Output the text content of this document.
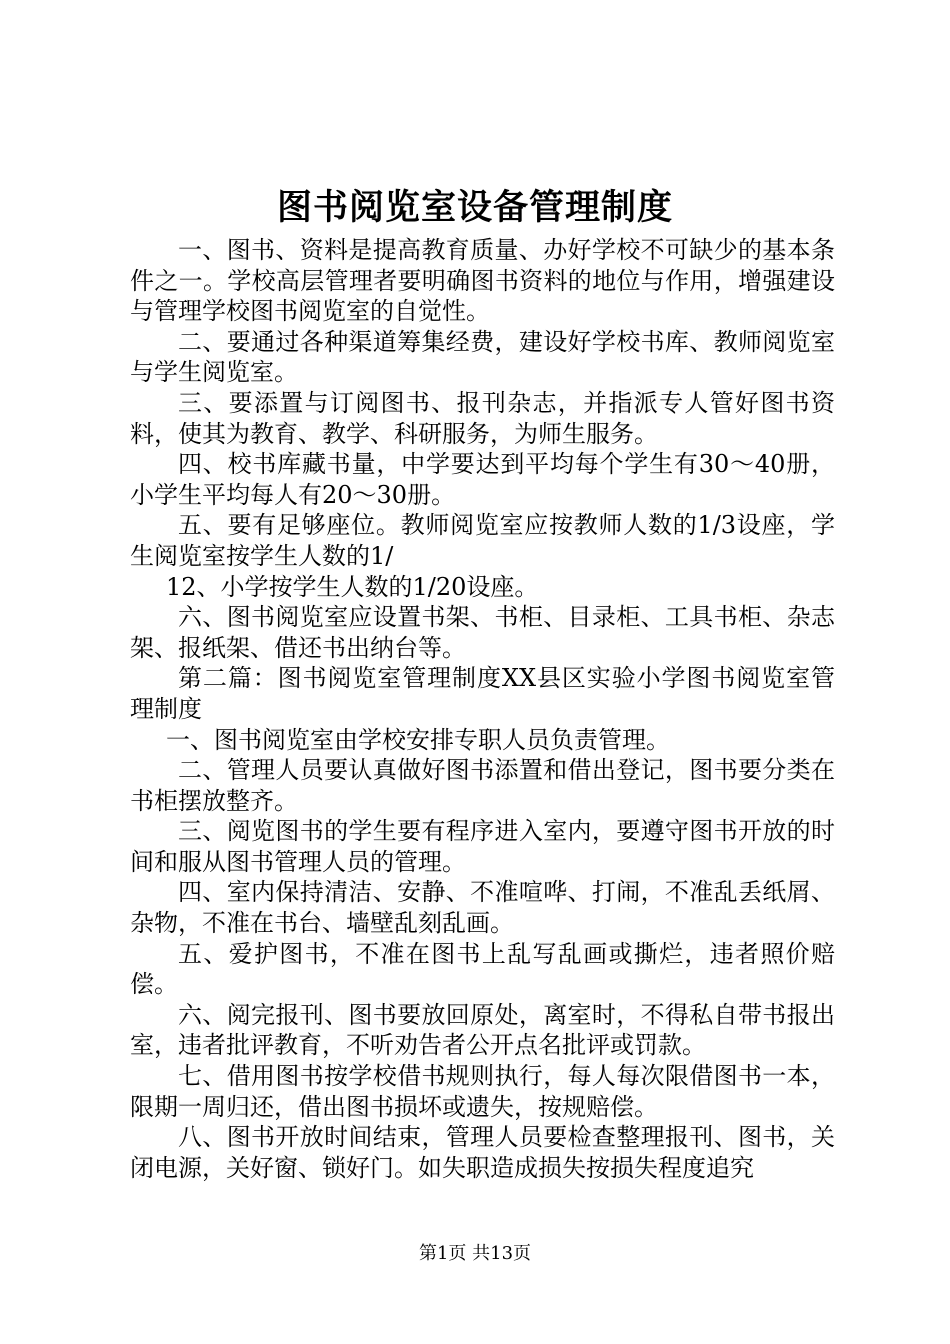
图书阅览室设备管理制度

一、图书、资料是提高教育质量、办好学校不可缺少的基本条件之一。学校高层管理者要明确图书资料的地位与作用，增强建设与管理学校图书阅览室的自觉性。

二、要通过各种渠道筹集经费，建设好学校书库、教师阅览室与学生阅览室。

三、要添置与订阅图书、报刊杂志，并指派专人管好图书资料，使其为教育、教学、科研服务，为师生服务。

四、校书库藏书量，中学要达到平均每个学生有30～40册，小学生平均每人有20～30册。

五、要有足够座位。教师阅览室应按教师人数的1/3设座，学生阅览室按学生人数的1/

12、小学按学生人数的1/20设座。

六、图书阅览室应设置书架、书柜、目录柜、工具书柜、杂志架、报纸架、借还书出纳台等。

第二篇：图书阅览室管理制度XX县区实验小学图书阅览室管理制度

一、图书阅览室由学校安排专职人员负责管理。

二、管理人员要认真做好图书添置和借出登记，图书要分类在书柜摆放整齐。

三、阅览图书的学生要有程序进入室内，要遵守图书开放的时间和服从图书管理人员的管理。

四、室内保持清洁、安静、不准喧哗、打闹，不准乱丢纸屑、杂物，不准在书台、墙壁乱刻乱画。

五、爱护图书，不准在图书上乱写乱画或撕烂，违者照价赔偿。

六、阅完报刊、图书要放回原处，离室时，不得私自带书报出室，违者批评教育，不听劝告者公开点名批评或罚款。

七、借用图书按学校借书规则执行，每人每次限借图书一本，限期一周归还，借出图书损坏或遗失，按规赔偿。

八、图书开放时间结束，管理人员要检查整理报刊、图书，关闭电源，关好窗、锁好门。如失职造成损失按损失程度追究

第1页 共13页
